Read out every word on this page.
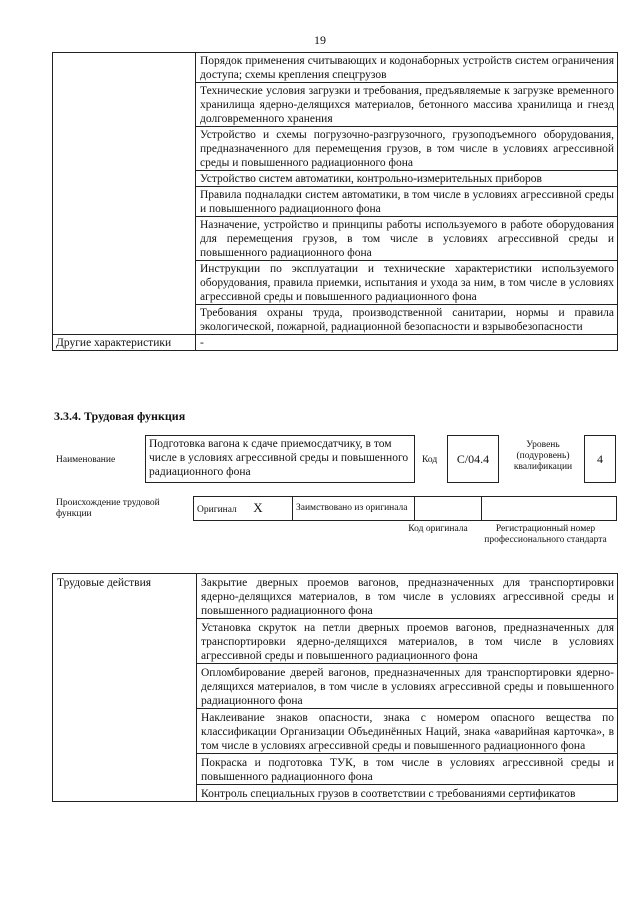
19
	Порядок применения считывающих и кодонаборных устройств систем ограничения доступа; схемы крепления спецгрузов
	Технические условия загрузки и требования, предъявляемые к загрузке временного хранилища ядерно-делящихся материалов, бетонного массива хранилища и гнезд долговременного хранения
	Устройство и схемы погрузочно-разгрузочного, грузоподъемного оборудования, предназначенного для перемещения грузов, в том числе в условиях агрессивной среды и повышенного радиационного фона
	Устройство систем автоматики, контрольно-измерительных приборов
	Правила подналадки систем автоматики, в том числе в условиях агрессивной среды и повышенного радиационного фона
	Назначение, устройство и принципы работы используемого в работе оборудования для перемещения грузов, в том числе в условиях агрессивной среды и повышенного радиационного фона
	Инструкции по эксплуатации и технические характеристики используемого оборудования, правила приемки, испытания и ухода за ним, в том числе в условиях агрессивной среды и повышенного радиационного фона
	Требования охраны труда, производственной санитарии, нормы и правила экологической, пожарной, радиационной безопасности и взрывобезопасности
Другие характеристики	-
3.3.4. Трудовая функция
Наименование
Подготовка вагона к сдаче приемосдатчику, в том числе в условиях агрессивной среды и повышенного радиационного фона
Код	С/04.4
Уровень (подуровень) квалификации
4
Происхождение трудовой функции	Оригинал X	Заимствовано из оригинала		
Код оригинала	Регистрационный номер профессионального стандарта
Трудовые действия	Закрытие дверных проемов вагонов, предназначенных для транспортировки ядерно-делящихся материалов, в том числе в условиях агрессивной среды и повышенного радиационного фона
Установка скруток на петли дверных проемов вагонов, предназначенных для транспортировки ядерно-делящихся материалов, в том числе в условиях агрессивной среды и повышенного радиационного фона
Опломбирование дверей вагонов, предназначенных для транспортировки ядерно-делящихся материалов, в том числе в условиях агрессивной среды и повышенного радиационного фона
Наклеивание знаков опасности, знака с номером опасного вещества по классификации Организации Объединённых Наций, знака «аварийная карточка», в том числе в условиях агрессивной среды и повышенного радиационного фона
Покраска и подготовка ТУК, в том числе в условиях агрессивной среды и повышенного радиационного фона
Контроль специальных грузов в соответствии с требованиями сертификатов
